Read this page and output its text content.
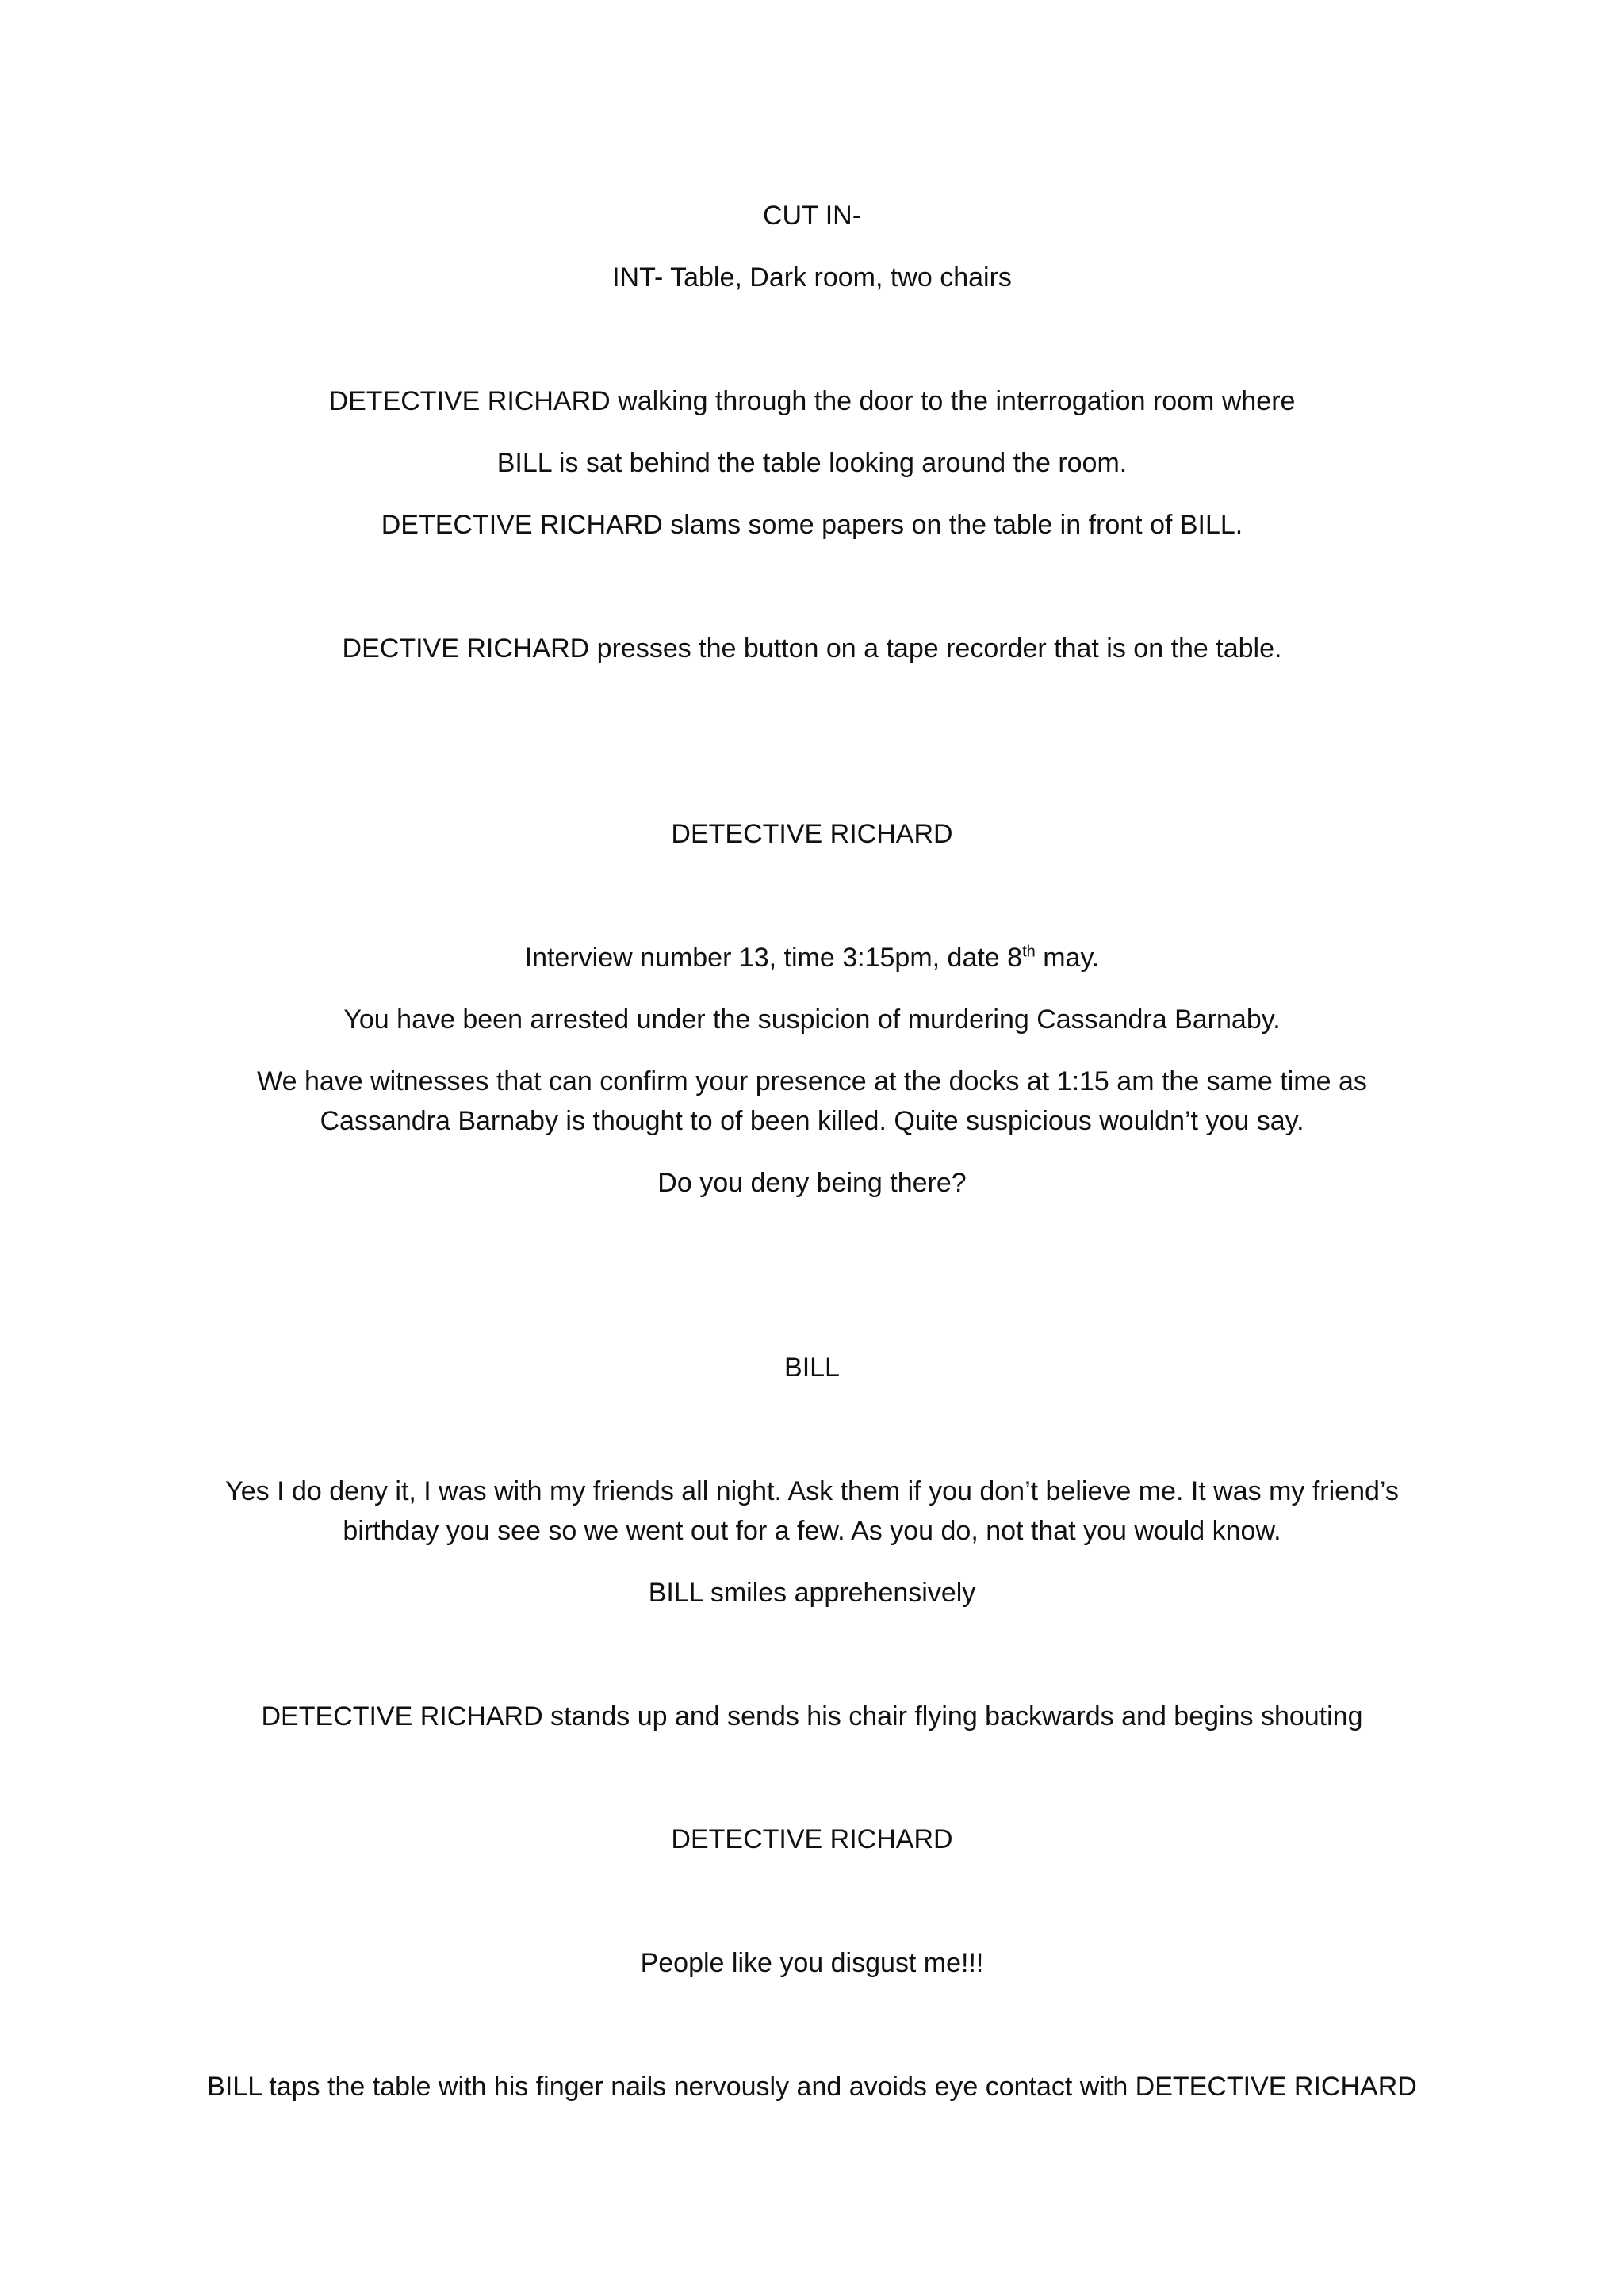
CUT IN-
INT- Table, Dark room, two chairs
DETECTIVE RICHARD walking through the door to the interrogation room where
BILL is sat behind the table looking around the room.
DETECTIVE RICHARD slams some papers on the table in front of BILL.
DECTIVE RICHARD presses the button on a tape recorder that is on the table.
DETECTIVE RICHARD
Interview number 13, time 3:15pm, date 8th may.
You have been arrested under the suspicion of murdering Cassandra Barnaby.
We have witnesses that can confirm your presence at the docks at 1:15 am the same time as
Cassandra Barnaby is thought to of been killed. Quite suspicious wouldn’t you say.
Do you deny being there?
BILL
Yes I do deny it, I was with my friends all night. Ask them if you don’t believe me. It was my friend’s
birthday you see so we went out for a few. As you do, not that you would know.
BILL smiles apprehensively
DETECTIVE RICHARD stands up and sends his chair flying backwards and begins shouting
DETECTIVE RICHARD
People like you disgust me!!!
BILL taps the table with his finger nails nervously and avoids eye contact with DETECTIVE RICHARD
